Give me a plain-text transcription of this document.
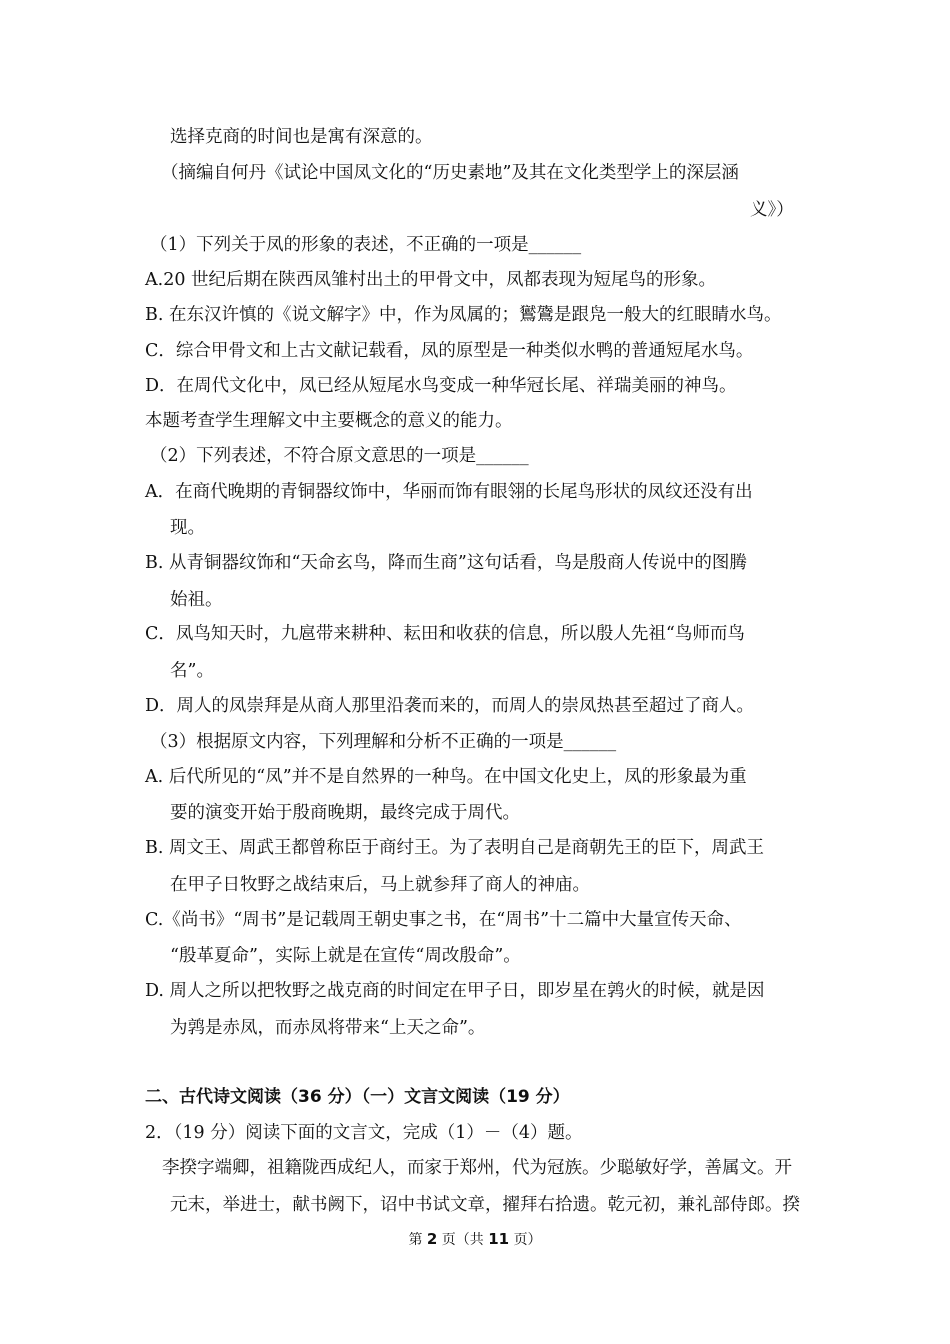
选择克商的时间也是寓有深意的。
（摘编自何丹《试论中国凤文化的“历史素地”及其在文化类型学上的深层涵
义》）
（1）下列关于凤的形象的表述，不正确的一项是______
A.20 世纪后期在陕西凤雏村出土的甲骨文中，凤都表现为短尾鸟的形象。
B. 在东汉许慎的《说文解字》中，作为凤属的；鸑鷟是跟凫一般大的红眼睛水鸟。
C．综合甲骨文和上古文献记载看，凤的原型是一种类似水鸭的普通短尾水鸟。
D．在周代文化中，凤已经从短尾水鸟变成一种华冠长尾、祥瑞美丽的神鸟。
本题考查学生理解文中主要概念的意义的能力。
（2）下列表述，不符合原文意思的一项是______
A．在商代晚期的青铜器纹饰中，华丽而饰有眼翎的长尾鸟形状的凤纹还没有出
现。
B. 从青铜器纹饰和“天命玄鸟，降而生商”这句话看，鸟是殷商人传说中的图腾
始祖。
C．凤鸟知天时，九扈带来耕种、耘田和收获的信息，所以殷人先祖“鸟师而鸟
名”。
D．周人的凤崇拜是从商人那里沿袭而来的，而周人的崇凤热甚至超过了商人。
（3）根据原文内容，下列理解和分析不正确的一项是______
A. 后代所见的“凤”并不是自然界的一种鸟。在中国文化史上，凤的形象最为重
要的演变开始于殷商晚期，最终完成于周代。
B. 周文王、周武王都曾称臣于商纣王。为了表明自己是商朝先王的臣下，周武王
在甲子日牧野之战结束后，马上就参拜了商人的神庙。
C.《尚书》“周书”是记载周王朝史事之书，在“周书”十二篇中大量宣传天命、
“殷革夏命”，实际上就是在宣传“周改殷命”。
D. 周人之所以把牧野之战克商的时间定在甲子日，即岁星在鹑火的时候，就是因
为鹑是赤凤，而赤凤将带来“上天之命”。
二、古代诗文阅读（36 分）（一）文言文阅读（19 分）
2．（19 分）阅读下面的文言文，完成（1）－（4）题。
李揆字端卿，祖籍陇西成纪人，而家于郑州，代为冠族。少聪敏好学，善属文。开
元末，举进士，献书阙下，诏中书试文章，擢拜右拾遗。乾元初，兼礼部侍郎。揆
第 2 页（共 11 页）
